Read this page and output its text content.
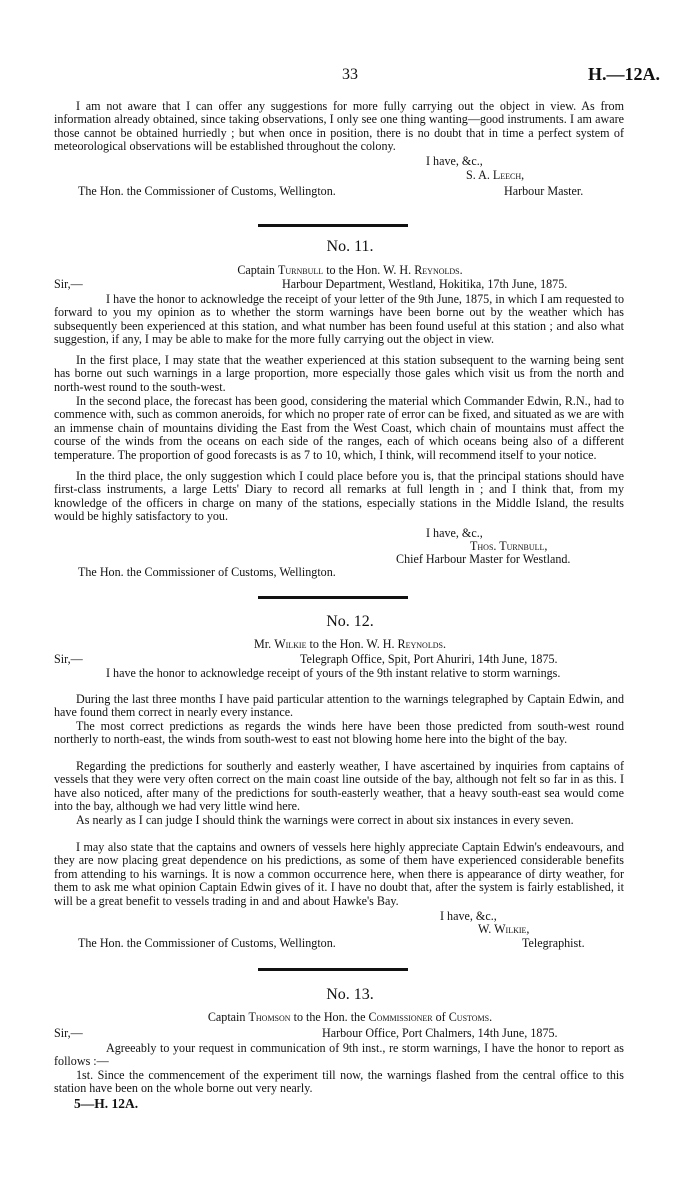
33	H.—12A.

I am not aware that I can offer any suggestions for more fully carrying out the object in view. As from information already obtained, since taking observations, I only see one thing wanting—good instruments. I am aware those cannot be obtained hurriedly ; but when once in position, there is no doubt that in time a perfect system of meteorological observations will be established throughout the colony.

I have, &c.,

S. A. Leech,

The Hon. the Commissioner of Customs, Wellington.	Harbour Master.

No. 11.
Captain Turnbull to the Hon. W. H. Reynolds.

Sir,—	Harbour Department, Westland, Hokitika, 17th June, 1875.

I have the honor to acknowledge the receipt of your letter of the 9th June, 1875, in which I am requested to forward to you my opinion as to whether the storm warnings have been borne out by the weather which has subsequently been experienced at this station, and what number has been found useful at this station ; and also what suggestion, if any, I may be able to make for the more fully carrying out the object in view.

In the first place, I may state that the weather experienced at this station subsequent to the warning being sent has borne out such warnings in a large proportion, more especially those gales which visit us from the north and north-west round to the south-west.

In the second place, the forecast has been good, considering the material which Commander Edwin, R.N., had to commence with, such as common aneroids, for which no proper rate of error can be fixed, and situated as we are with an immense chain of mountains dividing the East from the West Coast, which chain of mountains must affect the course of the winds from the oceans on each side of the ranges, each of which oceans being also of a different temperature. The proportion of good forecasts is as 7 to 10, which, I think, will recommend itself to your notice.

In the third place, the only suggestion which I could place before you is, that the principal stations should have first-class instruments, a large Letts' Diary to record all remarks at full length in ; and I think that, from my knowledge of the officers in charge on many of the stations, especially stations in the Middle Island, the results would be highly satisfactory to you.

I have, &c.,

Thos. Turnbull,

Chief Harbour Master for Westland.

The Hon. the Commissioner of Customs, Wellington.

No. 12.
Mr. Wilkie to the Hon. W. H. Reynolds.

Sir,—	Telegraph Office, Spit, Port Ahuriri, 14th June, 1875.

I have the honor to acknowledge receipt of yours of the 9th instant relative to storm warnings.

During the last three months I have paid particular attention to the warnings telegraphed by Captain Edwin, and have found them correct in nearly every instance.

The most correct predictions as regards the winds here have been those predicted from south-west round northerly to north-east, the winds from south-west to east not blowing home here into the bight of the bay.

Regarding the predictions for southerly and easterly weather, I have ascertained by inquiries from captains of vessels that they were very often correct on the main coast line outside of the bay, although not felt so far in as this. I have also noticed, after many of the predictions for south-easterly weather, that a heavy south-east sea would come into the bay, although we had very little wind here.

As nearly as I can judge I should think the warnings were correct in about six instances in every seven.

I may also state that the captains and owners of vessels here highly appreciate Captain Edwin's endeavours, and they are now placing great dependence on his predictions, as some of them have experienced considerable benefits from attending to his warnings. It is now a common occurrence here, when there is appearance of dirty weather, for them to ask me what opinion Captain Edwin gives of it. I have no doubt that, after the system is fairly established, it will be a great benefit to vessels trading in and and about Hawke's Bay.

I have, &c.,

W. Wilkie,

The Hon. the Commissioner of Customs, Wellington.	Telegraphist.

No. 13.
Captain Thomson to the Hon. the Commissioner of Customs.

Sir,—	Harbour Office, Port Chalmers, 14th June, 1875.

Agreeably to your request in communication of 9th inst., re storm warnings, I have the honor to report as follows :—

1st. Since the commencement of the experiment till now, the warnings flashed from the central office to this station have been on the whole borne out very nearly.

5—H. 12A.
